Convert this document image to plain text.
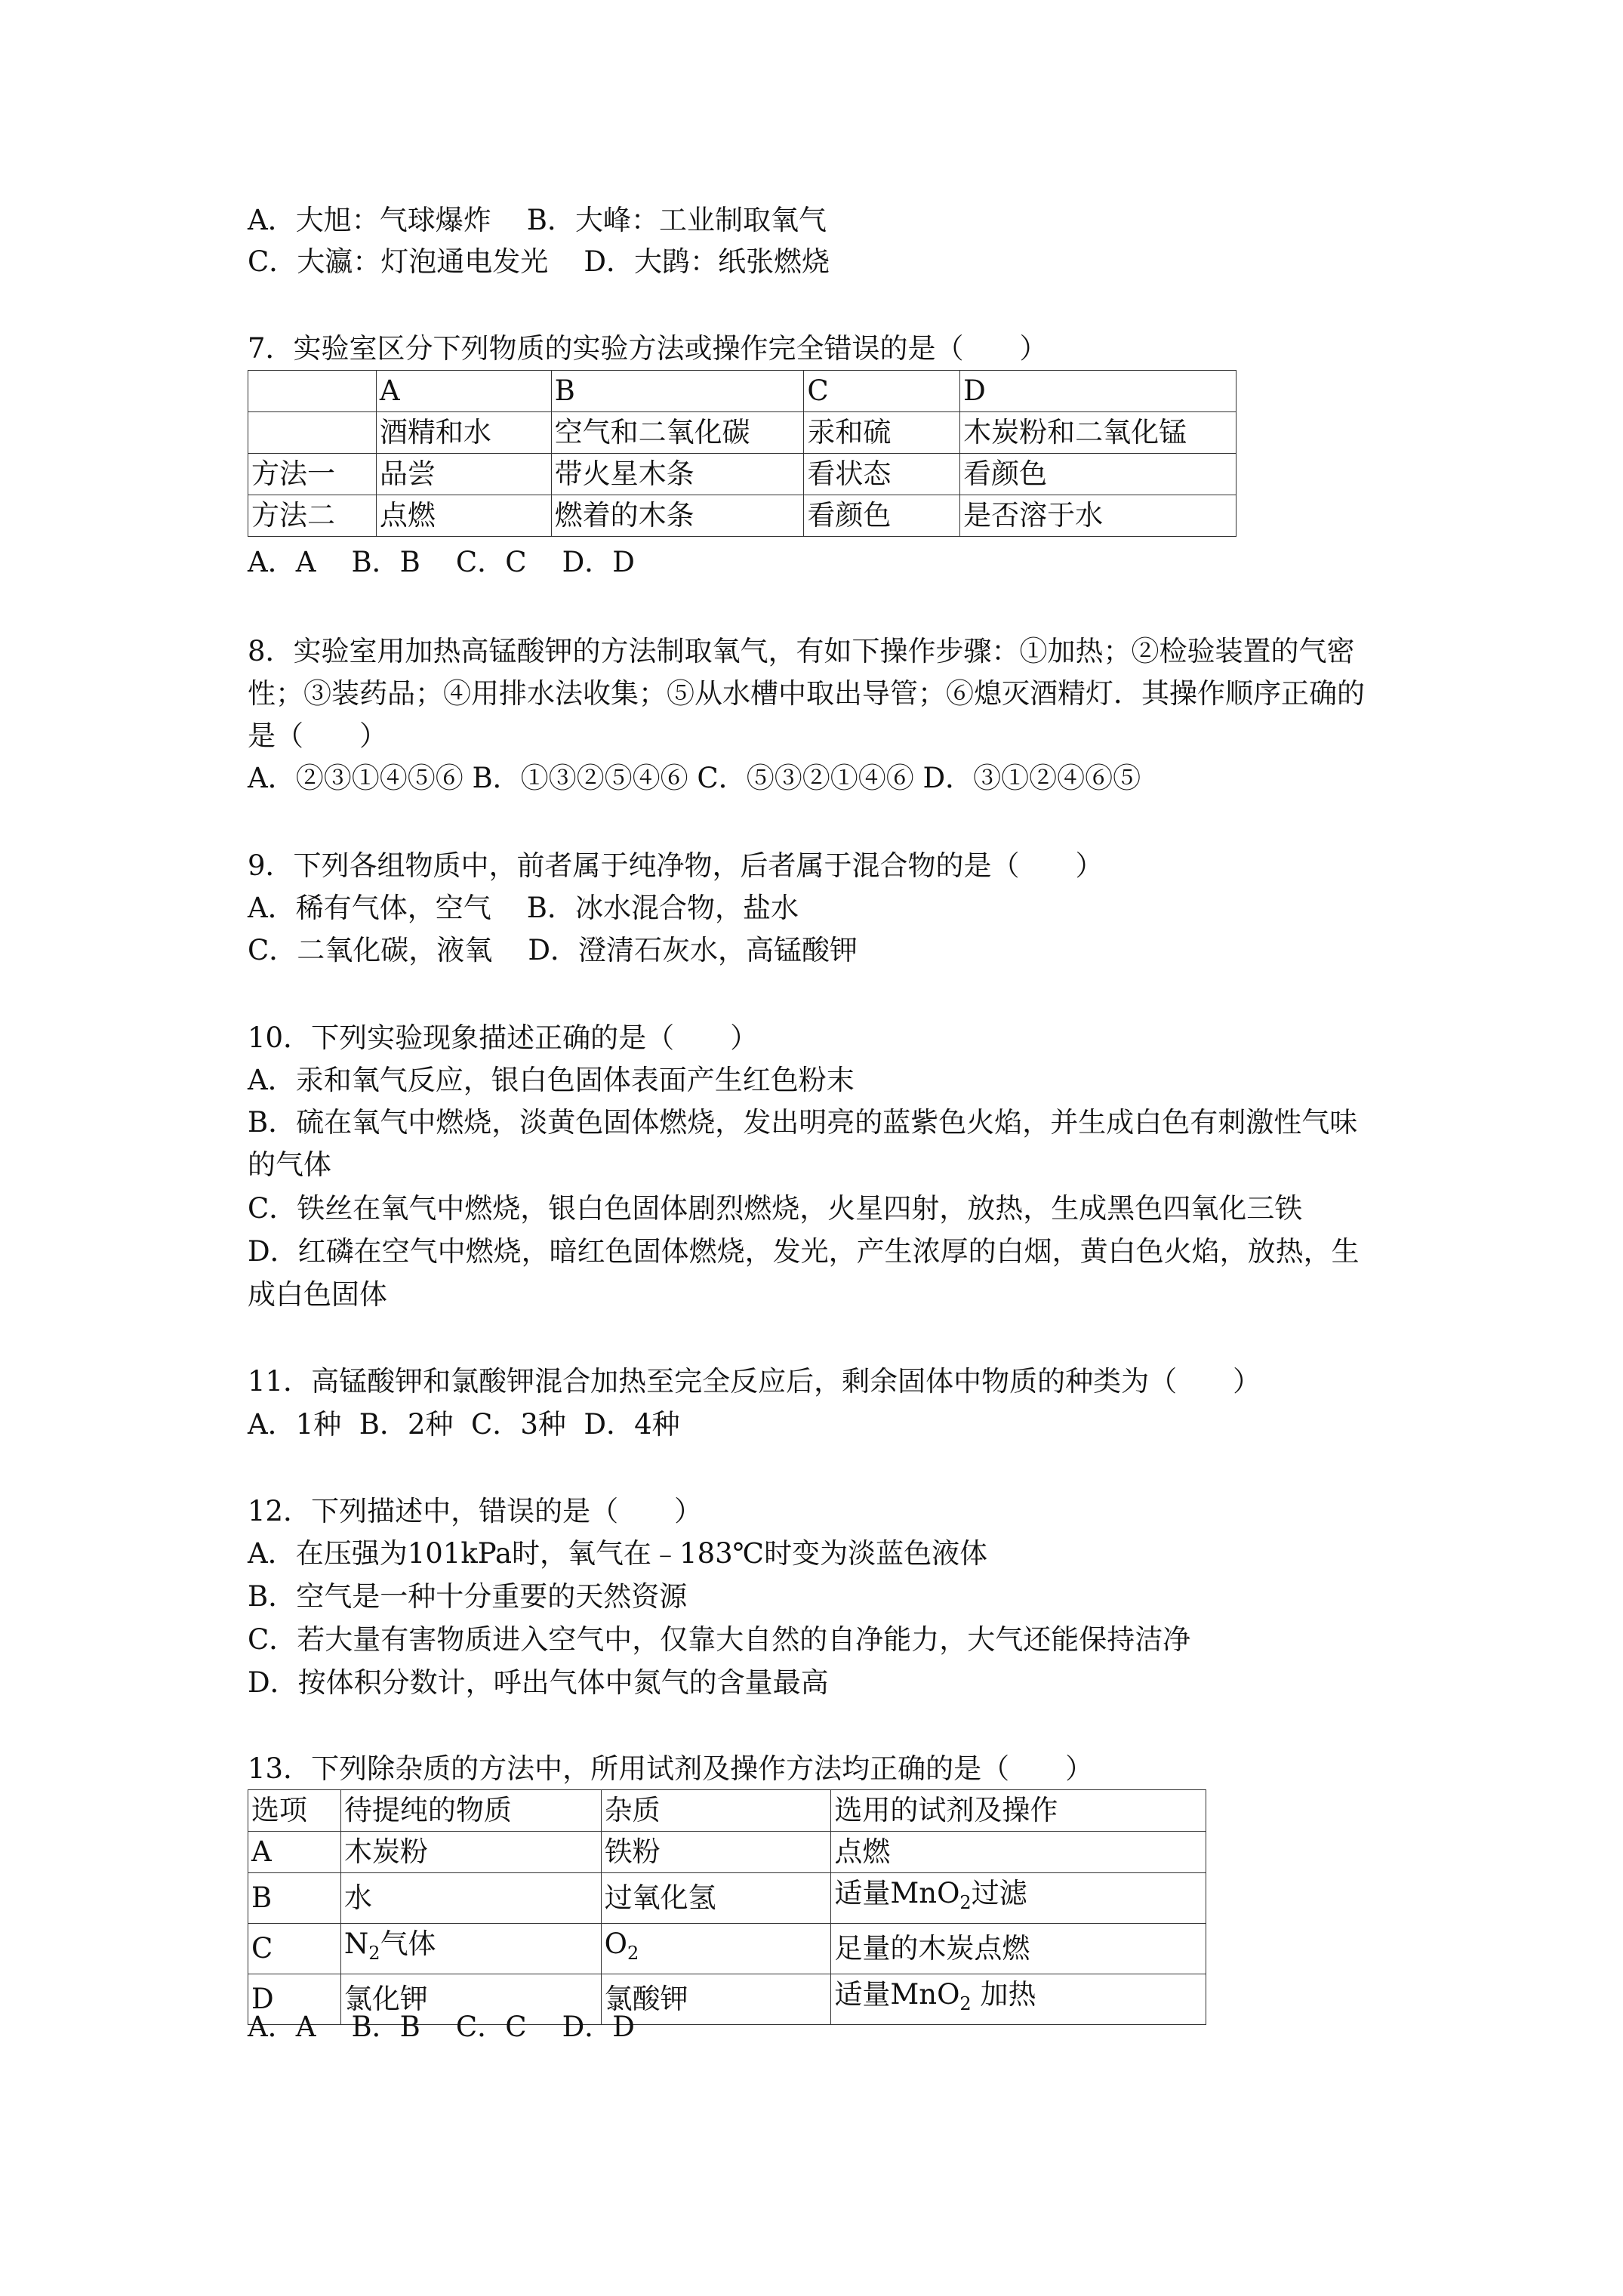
A．大旭：气球爆炸    B．大峰：工业制取氧气
C．大瀛：灯泡通电发光    D．大鹍：纸张燃烧
7．实验室区分下列物质的实验方法或操作完全错误的是（　　）
	A	B	C	D
	酒精和水	空气和二氧化碳	汞和硫	木炭粉和二氧化锰
方法一	品尝	带火星木条	看状态	看颜色
方法二	点燃	燃着的木条	看颜色	是否溶于水
A．A    B．B    C．C    D．D
8．实验室用加热高锰酸钾的方法制取氧气，有如下操作步骤：①加热；②检验装置的气密
性；③装药品；④用排水法收集；⑤从水槽中取出导管；⑥熄灭酒精灯．其操作顺序正确的
是（　　）
A．②③①④⑤⑥ B．①③②⑤④⑥ C．⑤③②①④⑥ D．③①②④⑥⑤
9．下列各组物质中，前者属于纯净物，后者属于混合物的是（　　）
A．稀有气体，空气    B．冰水混合物，盐水
C．二氧化碳，液氧    D．澄清石灰水，高锰酸钾
10．下列实验现象描述正确的是（　　）
A．汞和氧气反应，银白色固体表面产生红色粉末
B．硫在氧气中燃烧，淡黄色固体燃烧，发出明亮的蓝紫色火焰，并生成白色有刺激性气味
的气体
C．铁丝在氧气中燃烧，银白色固体剧烈燃烧，火星四射，放热，生成黑色四氧化三铁
D．红磷在空气中燃烧，暗红色固体燃烧，发光，产生浓厚的白烟，黄白色火焰，放热，生
成白色固体
11．高锰酸钾和氯酸钾混合加热至完全反应后，剩余固体中物质的种类为（　　）
A．1种  B．2种  C．3种  D．4种
12．下列描述中，错误的是（　　）
A．在压强为101kPa时，氧气在﹣183℃时变为淡蓝色液体
B．空气是一种十分重要的天然资源
C．若大量有害物质进入空气中，仅靠大自然的自净能力，大气还能保持洁净
D．按体积分数计，呼出气体中氮气的含量最高
13．下列除杂质的方法中，所用试剂及操作方法均正确的是（　　）
选项	待提纯的物质	杂质	选用的试剂及操作
A	木炭粉	铁粉	点燃
B	水	过氧化氢	适量MnO$_2$过滤
C	$N_2$气体	$O_2$	足量的木炭点燃
D	氯化钾	氯酸钾	适量MnO$_2$ 加热
A．A    B．B    C．C    D．D
